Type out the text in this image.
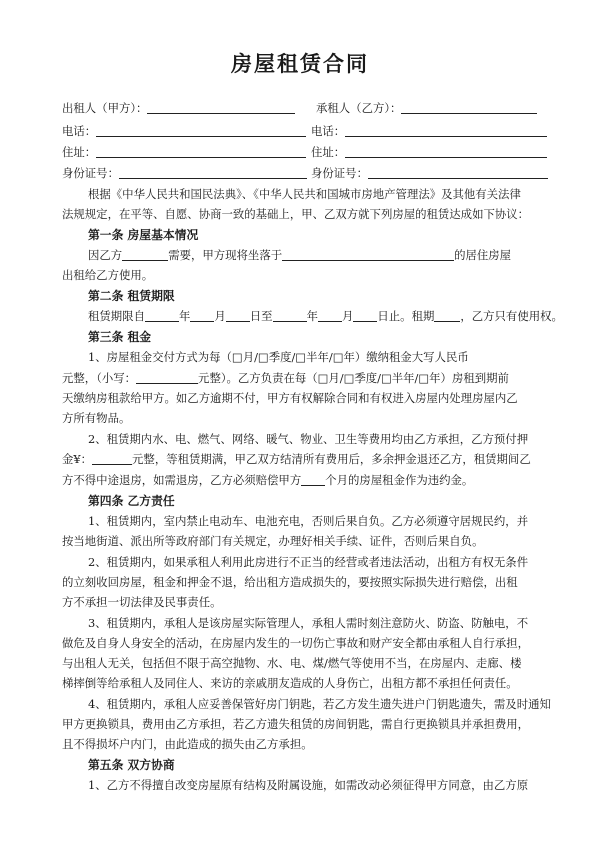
房屋租赁合同
出租人（甲方）：	承租人（乙方）：
电话：	电话：
住址：	住址：
身份证号：	身份证号：
根据《中华人民共和国民法典》、《中华人民共和国城市房地产管理法》及其他有关法律
法规规定，在平等、自愿、协商一致的基础上，甲、乙双方就下列房屋的租赁达成如下协议：
第一条 房屋基本情况
因乙方	需要，甲方现将坐落于	的居住房屋
出租给乙方使用。
第二条 租赁期限
租赁期限自	年 月 日至	年 月 日止。租期 ，乙方只有使用权。
第三条 租金
1、房屋租金交付方式为每（□月/□季度/□半年/□年）缴纳租金大写人民币
元整，（小写：	元整）。乙方负责在每（□月/□季度/□半年/□年）房租到期前
天缴纳房租款给甲方。如乙方逾期不付，甲方有权解除合同和有权进入房屋内处理房屋内乙
方所有物品。
2、租赁期内水、电、燃气、网络、暖气、物业、卫生等费用均由乙方承担，乙方预付押
金¥：	元整，等租赁期满，甲乙双方结清所有费用后，多余押金退还乙方，租赁期间乙
方不得中途退房，如需退房，乙方必须赔偿甲方 个月的房屋租金作为违约金。
第四条 乙方责任
1、租赁期内，室内禁止电动车、电池充电，否则后果自负。乙方必须遵守居规民约，并
按当地街道、派出所等政府部门有关规定，办理好相关手续、证件，否则后果自负。
2、租赁期内，如果承租人利用此房进行不正当的经营或者违法活动，出租方有权无条件
的立刻收回房屋，租金和押金不退，给出租方造成损失的，要按照实际损失进行赔偿，出租
方不承担一切法律及民事责任。
3、租赁期内，承租人是该房屋实际管理人，承租人需时刻注意防火、防盗、防触电，不
做危及自身人身安全的活动，在房屋内发生的一切伤亡事故和财产安全都由承租人自行承担，
与出租人无关，包括但不限于高空抛物、水、电、煤/燃气等使用不当，在房屋内、走廊、楼
梯摔倒等给承租人及同住人、来访的亲戚朋友造成的人身伤亡，出租方都不承担任何责任。
4、租赁期内，承租人应妥善保管好房门钥匙，若乙方发生遗失进户门钥匙遗失，需及时通知
甲方更换锁具，费用由乙方承担，若乙方遗失租赁的房间钥匙，需自行更换锁具并承担费用，
且不得损坏户内门，由此造成的损失由乙方承担。
第五条 双方协商
1、乙方不得擅自改变房屋原有结构及附属设施，如需改动必须征得甲方同意，由乙方原
